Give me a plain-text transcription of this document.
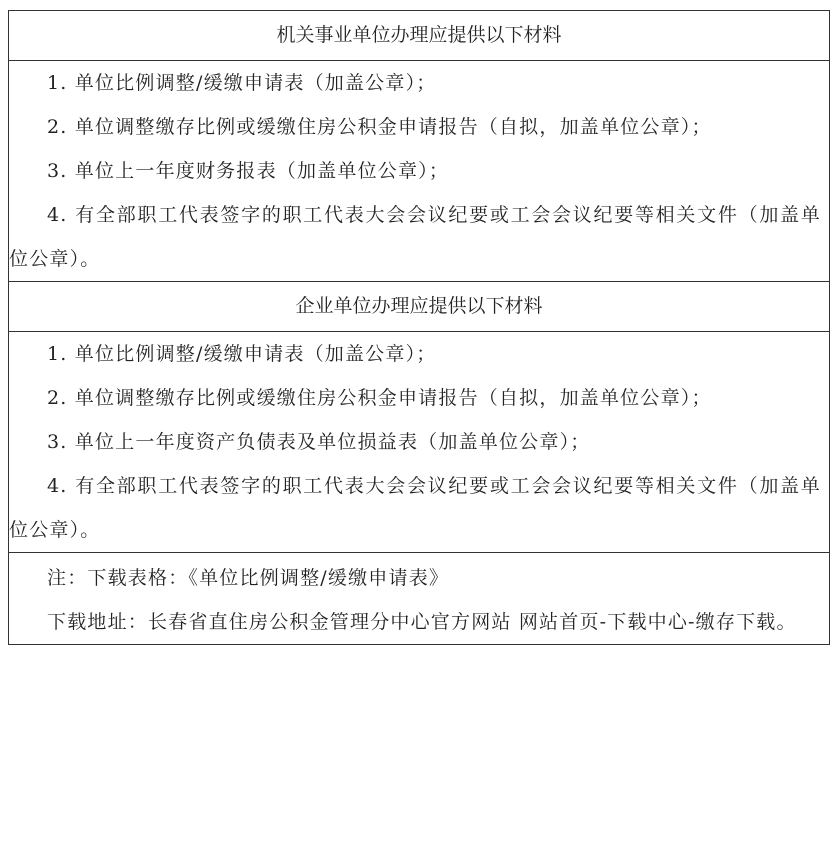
机关事业单位办理应提供以下材料

1. 单位比例调整/缓缴申请表（加盖公章）；

2. 单位调整缴存比例或缓缴住房公积金申请报告（自拟，加盖单位公章）；

3. 单位上一年度财务报表（加盖单位公章）；

4. 有全部职工代表签字的职工代表大会会议纪要或工会会议纪要等相关文件（加盖单位公章）。

企业单位办理应提供以下材料

1. 单位比例调整/缓缴申请表（加盖公章）；

2. 单位调整缴存比例或缓缴住房公积金申请报告（自拟，加盖单位公章）；

3. 单位上一年度资产负债表及单位损益表（加盖单位公章）；

4. 有全部职工代表签字的职工代表大会会议纪要或工会会议纪要等相关文件（加盖单位公章）。

注：下载表格：《单位比例调整/缓缴申请表》

下载地址：长春省直住房公积金管理分中心官方网站 网站首页-下载中心-缴存下载。
